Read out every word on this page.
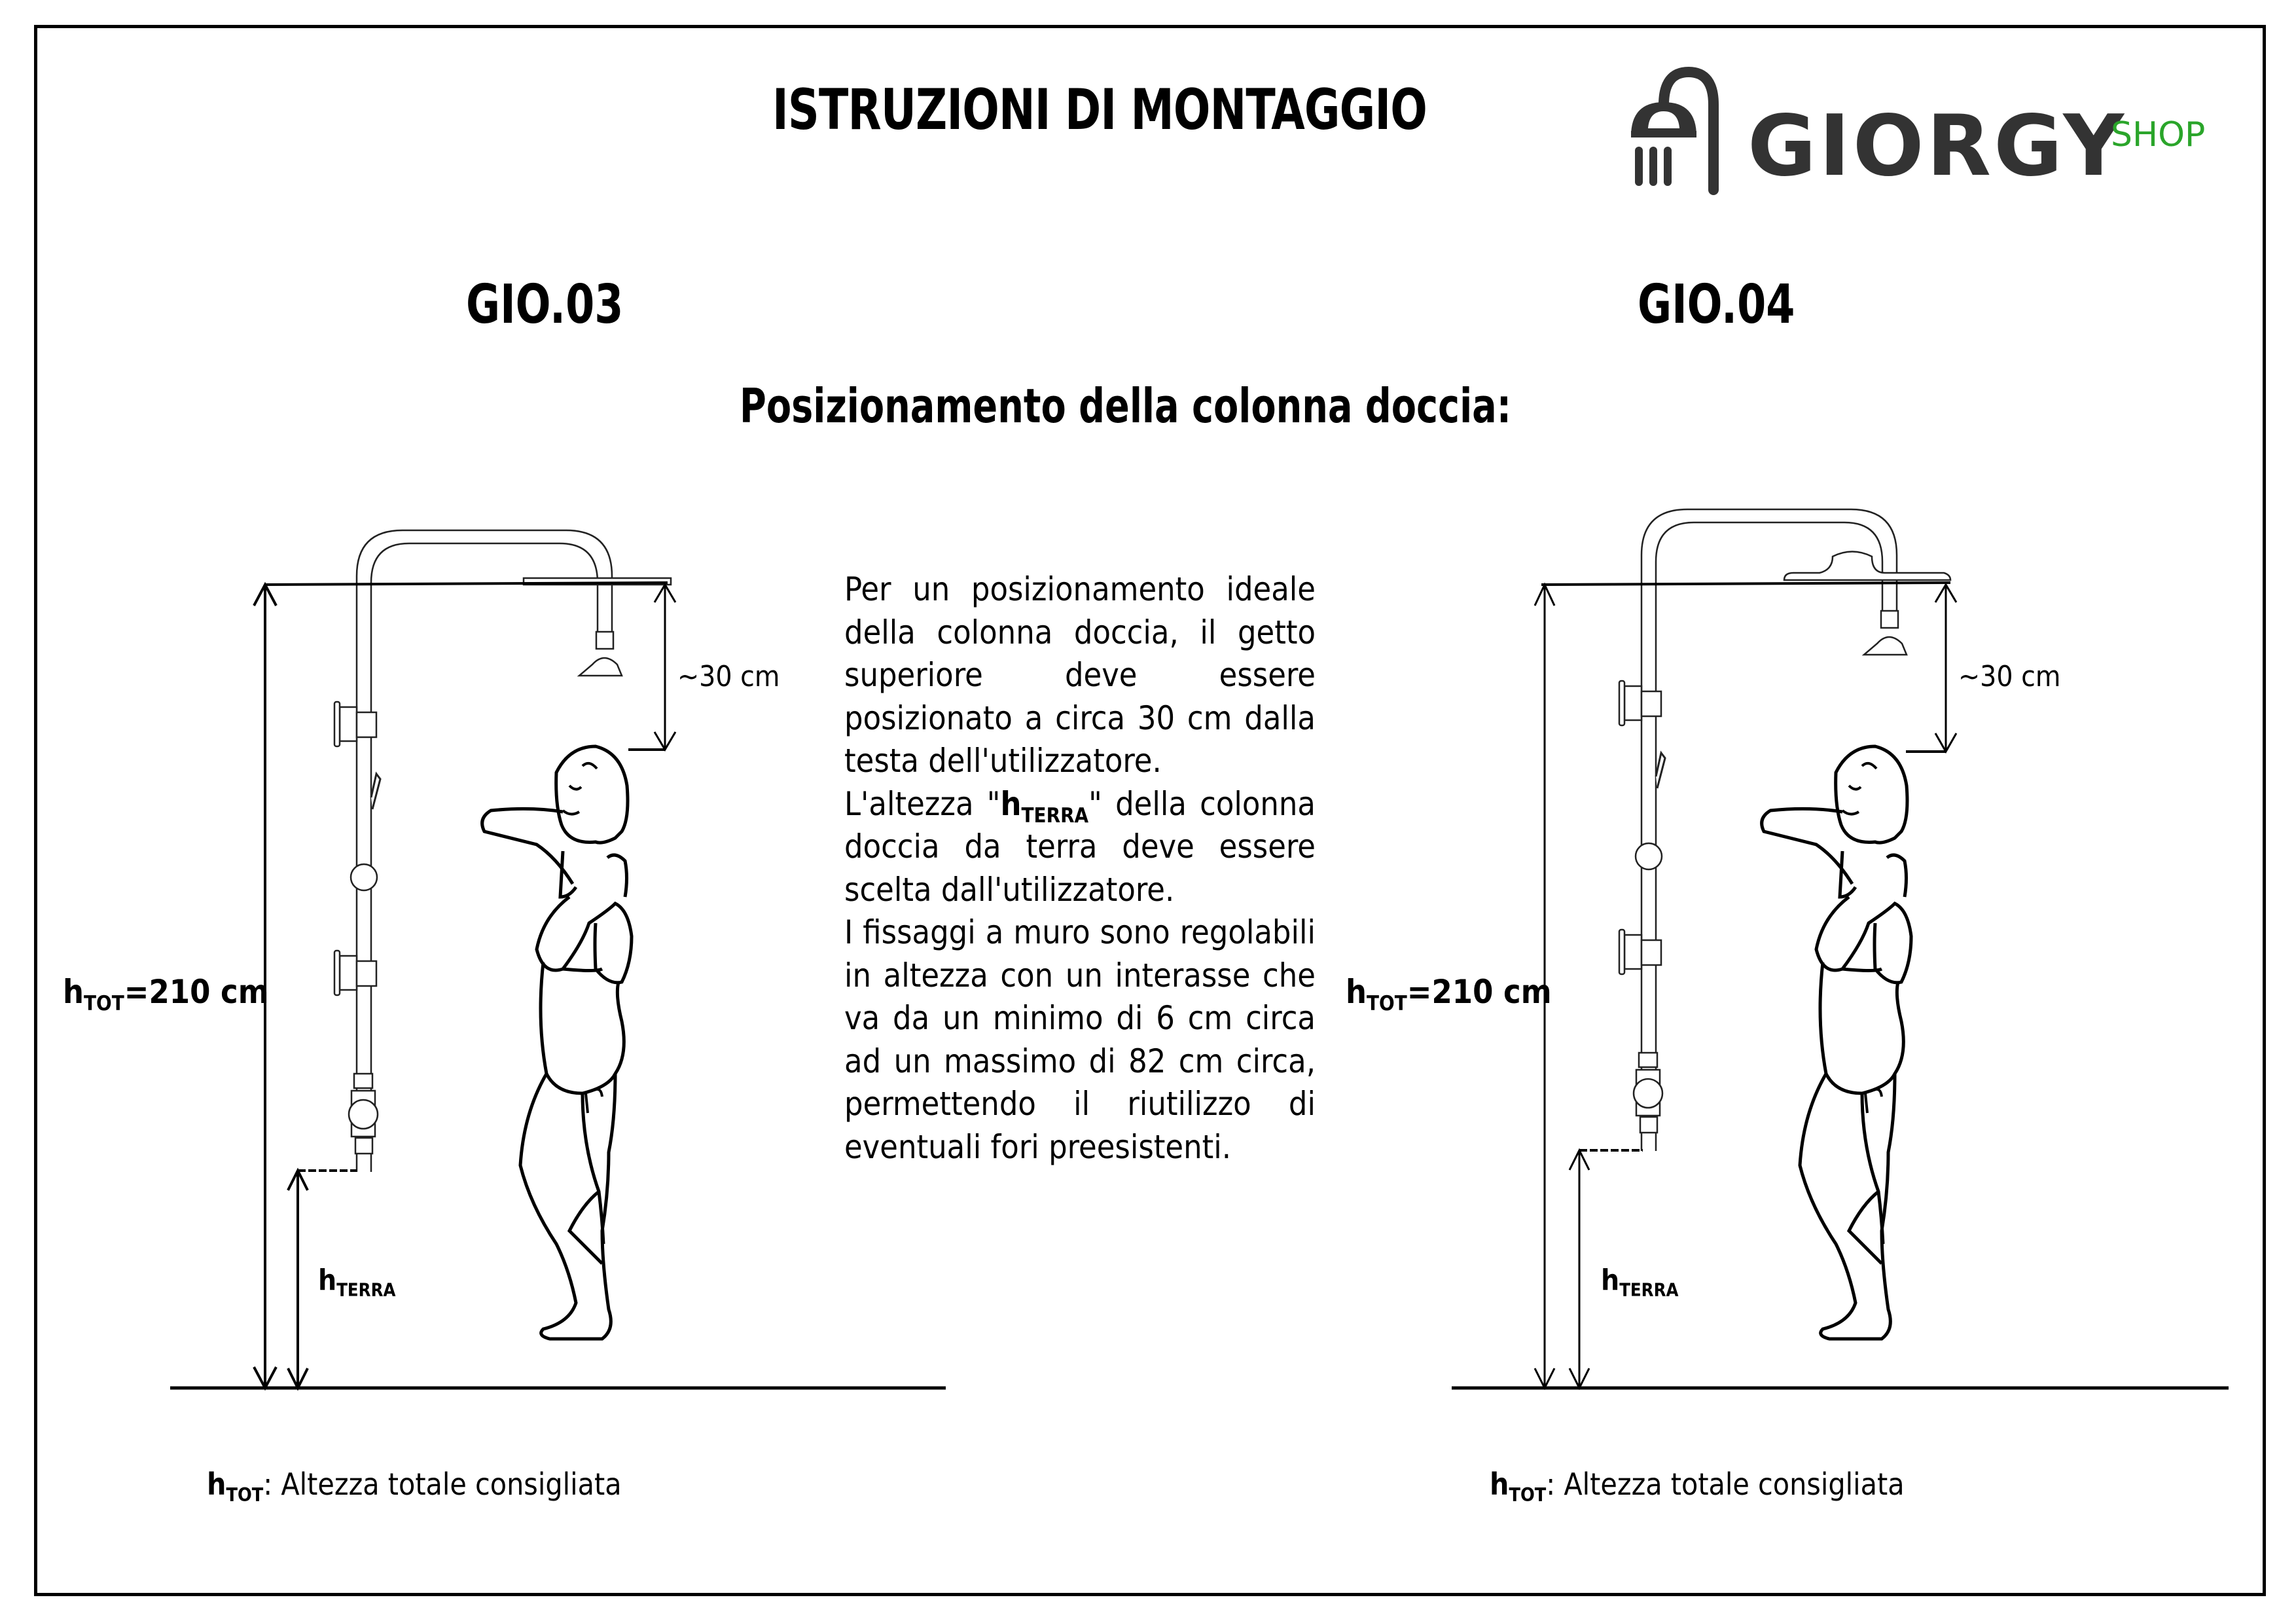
ISTRUZIONI DI MONTAGGIO	GIORGY
SHOP
GIO.03	GIO.04
Posizionamento della colonna doccia:
$h_{TOT}=210$ cm
~30 cm
$h_{TERRA}$
$h_{TOT}$: Altezza totale consigliata
$h_{TOT}=210$ cm
~30 cm
$h_{TERRA}$
$h_{TOT}$: Altezza totale consigliata

Per un posizionamento ideale della colonna doccia, il getto superiore deve essere posizionato a circa 30 cm dalla testa dell'utilizzatore.

L'altezza "$h_{TERRA}$" della colonna doccia da terra deve essere scelta dall'utilizzatore.

I fissaggi a muro sono regolabili in altezza con un interasse che va da un minimo di 6 cm circa ad un massimo di 82 cm circa, permettendo il riutilizzo di eventuali fori preesistenti.
